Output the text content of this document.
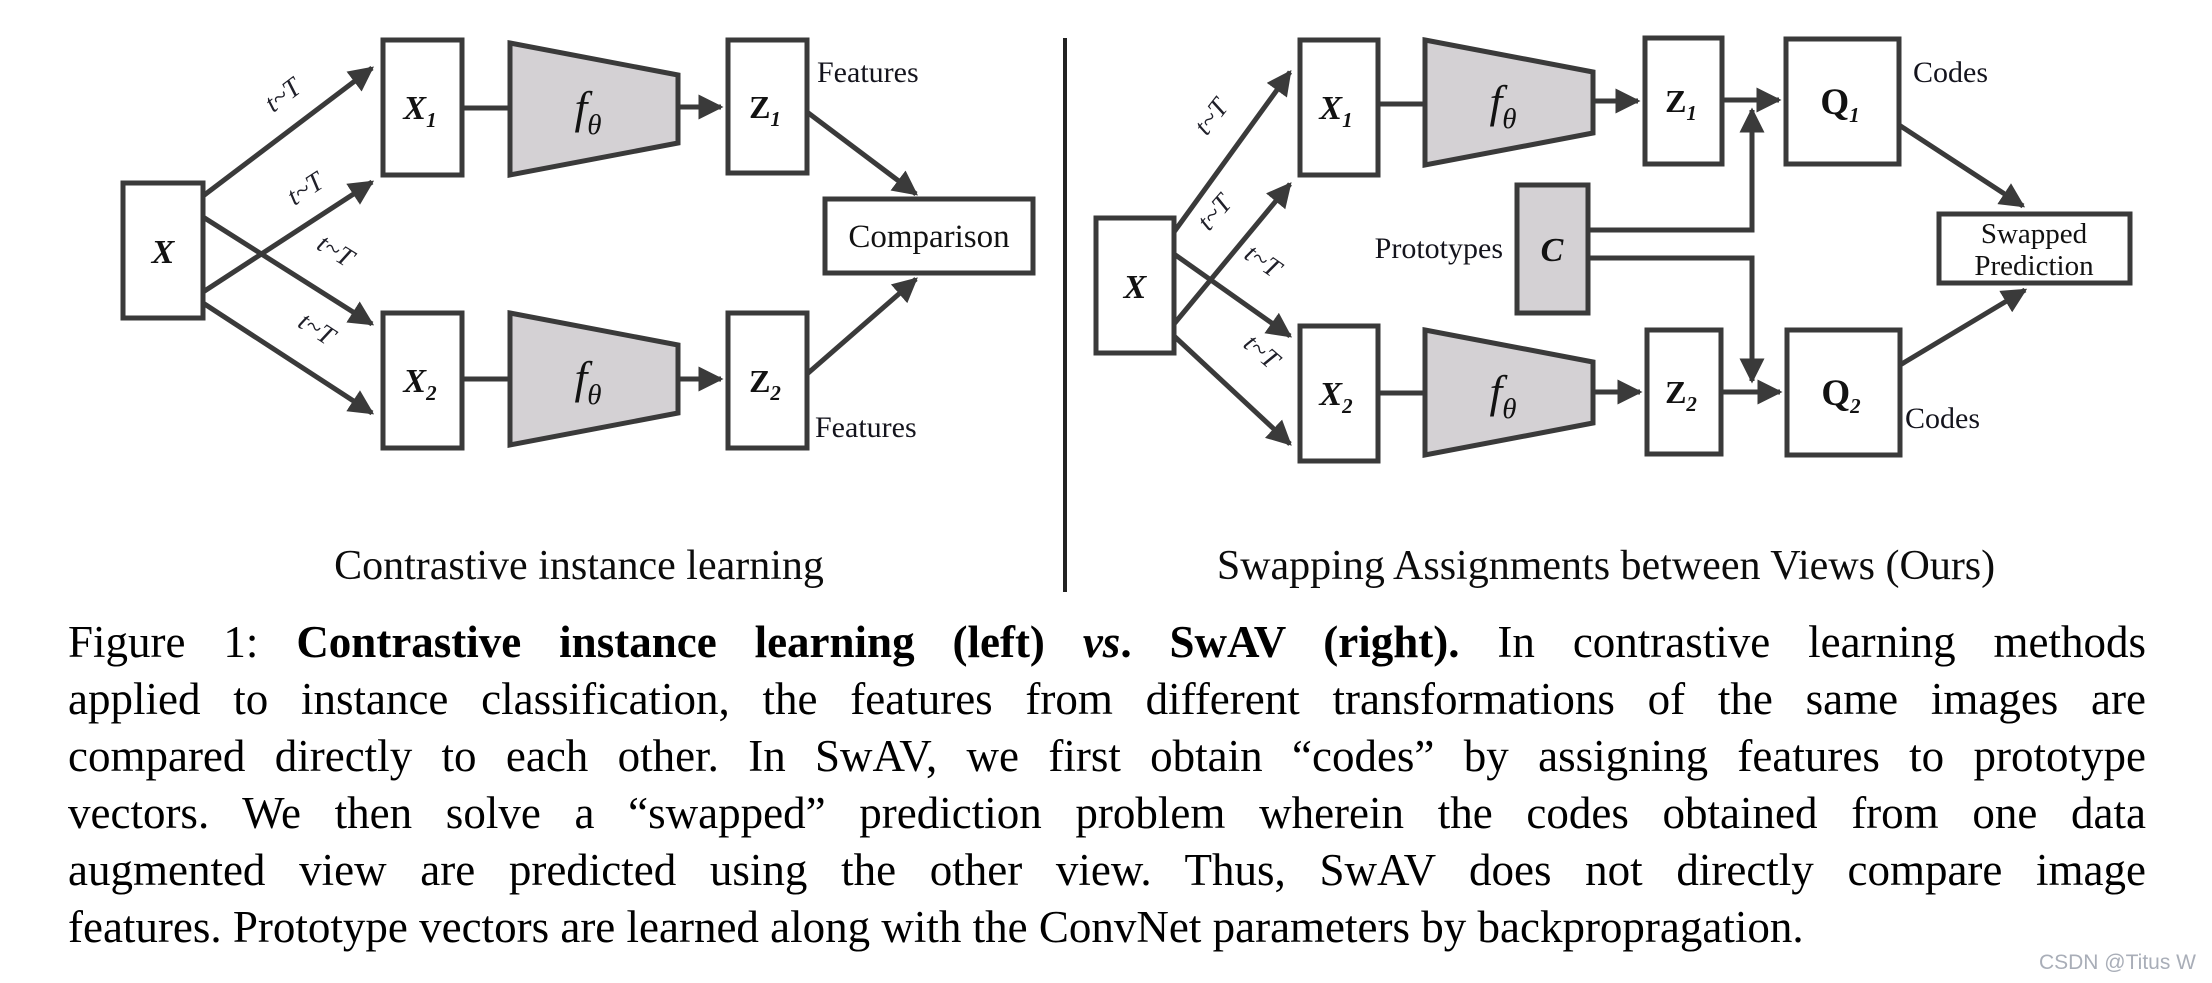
t~T
t~T
t~T
t~T
X
$X_1$
$X_2$
$f_\theta$
$f_\theta$
$Z_1$
$Z_2$
Comparison
Features
Features
Contrastive instance learning
t~T
t~T
t~T
t~T
X
$X_1$
$X_2$
$f_\theta$
$f_\theta$
$Z_1$
$Z_2$
$Q_1$
$Q_2$
C	Swapped
Prediction
Prototypes
Codes
Codes
Swapping Assignments between Views (Ours)
Figure 1: Contrastive instance learning (left) vs. SwAV (right). In contrastive learning methods
applied to instance classification, the features from different transformations of the same images are
compared directly to each other. In SwAV, we first obtain “codes” by assigning features to prototype
vectors. We then solve a “swapped” prediction problem wherein the codes obtained from one data
augmented view are predicted using the other view. Thus, SwAV does not directly compare image
features. Prototype vectors are learned along with the ConvNet parameters by backpropragation.
CSDN @Titus W
